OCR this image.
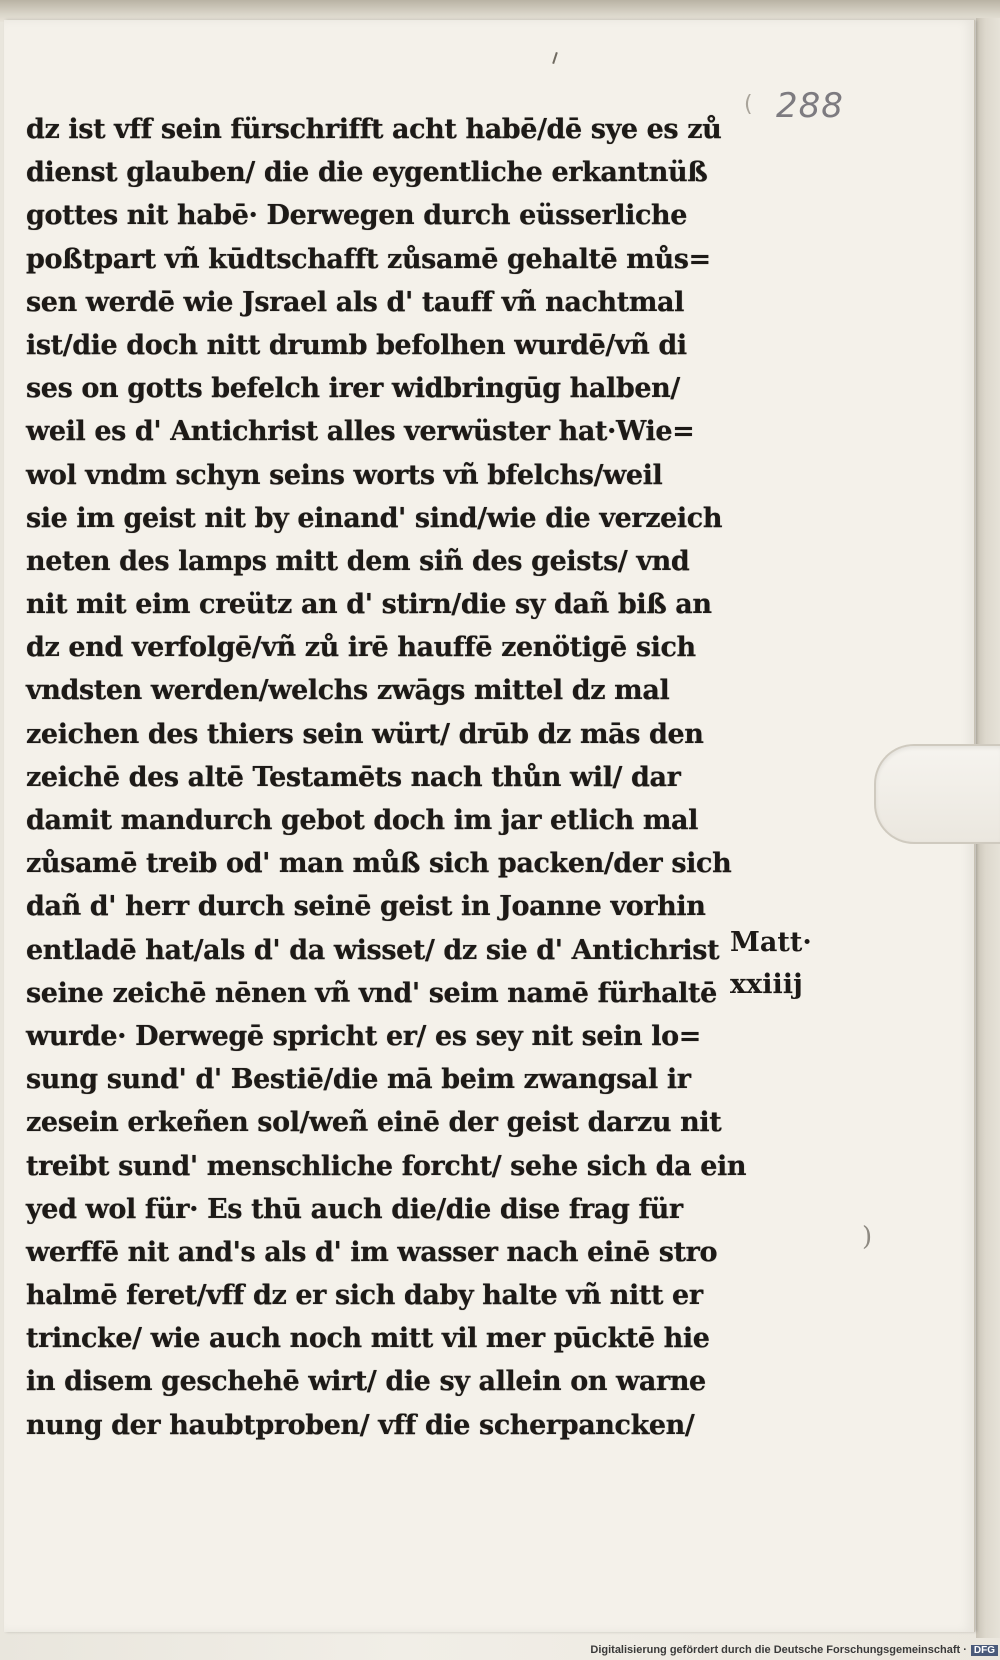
( 288
dz ist vff sein fürschrifft acht habē/dē sye es zů
dienst glauben/ die die eygentliche erkantnüß
gottes nit habē· Derwegen durch eüsserliche
poßtpart vñ kūdtschafft zůsamē gehaltē můs=
sen werdē wie Jsrael als d' tauff vñ nachtmal
ist/die doch nitt drumb befolhen wurdē/vñ di
ses on gotts befelch irer widbringūg halben/
weil es d' Antichrist alles verwüster hat·Wie=
wol vndm schyn seins worts vñ bfelchs/weil
sie im geist nit by einand' sind/wie die verzeich
neten des lamps mitt dem siñ des geists/ vnd
nit mit eim creütz an d' stirn/die sy dañ biß an
dz end verfolgē/vñ zů irē hauffē zenötigē sich
vndsten werden/welchs zwāgs mittel dz mal
zeichen des thiers sein würt/ drūb dz mās den
zeichē des altē Testamēts nach thůn wil/ dar
damit mandurch gebot doch im jar etlich mal
zůsamē treib od' man můß sich packen/der sich
dañ d' herr durch seinē geist in Joanne vorhin
entladē hat/als d' da wisset/ dz sie d' Antichrist
seine zeichē nēnen vñ vnd' seim namē fürhaltē
wurde· Derwegē spricht er/ es sey nit sein lo=
sung sund' d' Bestiē/die mā beim zwangsal ir
zesein erkeñen sol/weñ einē der geist darzu nit
treibt sund' menschliche forcht/ sehe sich da ein
yed wol für· Es thū auch die/die dise frag für
werffē nit and's als d' im wasser nach einē stro
halmē feret/vff dz er sich daby halte vñ nitt er
trincke/ wie auch noch mitt vil mer pūcktē hie
in disem geschehē wirt/ die sy allein on warne
nung der haubtproben/ vff die scherpancken/
Matt·
xxiiij
)
Digitalisierung gefördert durch die Deutsche Forschungsgemeinschaft · DFG
